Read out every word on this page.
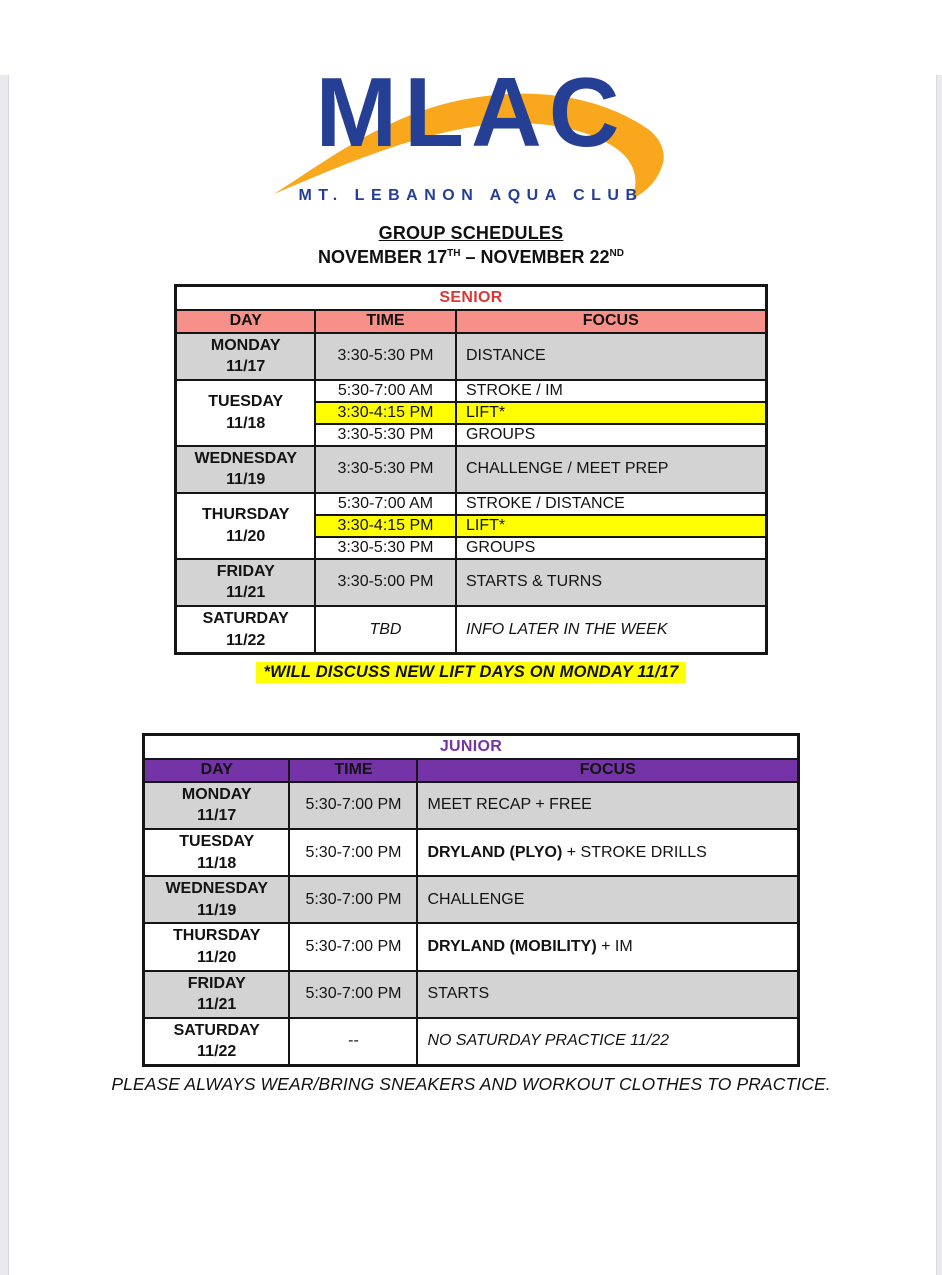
MLAC
MT. LEBANON AQUA CLUB
GROUP SCHEDULES
NOVEMBER 17TH – NOVEMBER 22ND
SENIOR		
DAY	TIME	FOCUS

MONDAY
11/17	3:30-5:30 PM	DISTANCE

TUESDAY
11/18	5:30-7:00 AM	STROKE / IM
	3:30-4:15 PM	LIFT*
	3:30-5:30 PM	GROUPS

WEDNESDAY
11/19	3:30-5:30 PM	CHALLENGE / MEET PREP

THURSDAY
11/20	5:30-7:00 AM	STROKE / DISTANCE
	3:30-4:15 PM	LIFT*
	3:30-5:30 PM	GROUPS

FRIDAY
11/21	3:30-5:00 PM	STARTS & TURNS

SATURDAY
11/22	TBD	INFO LATER IN THE WEEK
*WILL DISCUSS NEW LIFT DAYS ON MONDAY 11/17
JUNIOR		
DAY	TIME	FOCUS

MONDAY
11/17	5:30-7:00 PM	MEET RECAP + FREE

TUESDAY
11/18	5:30-7:00 PM	DRYLAND (PLYO) + STROKE DRILLS

WEDNESDAY
11/19	5:30-7:00 PM	CHALLENGE

THURSDAY
11/20	5:30-7:00 PM	DRYLAND (MOBILITY) + IM

FRIDAY
11/21	5:30-7:00 PM	STARTS

SATURDAY
11/22	--	NO SATURDAY PRACTICE 11/22
PLEASE ALWAYS WEAR/BRING SNEAKERS AND WORKOUT CLOTHES TO PRACTICE.
